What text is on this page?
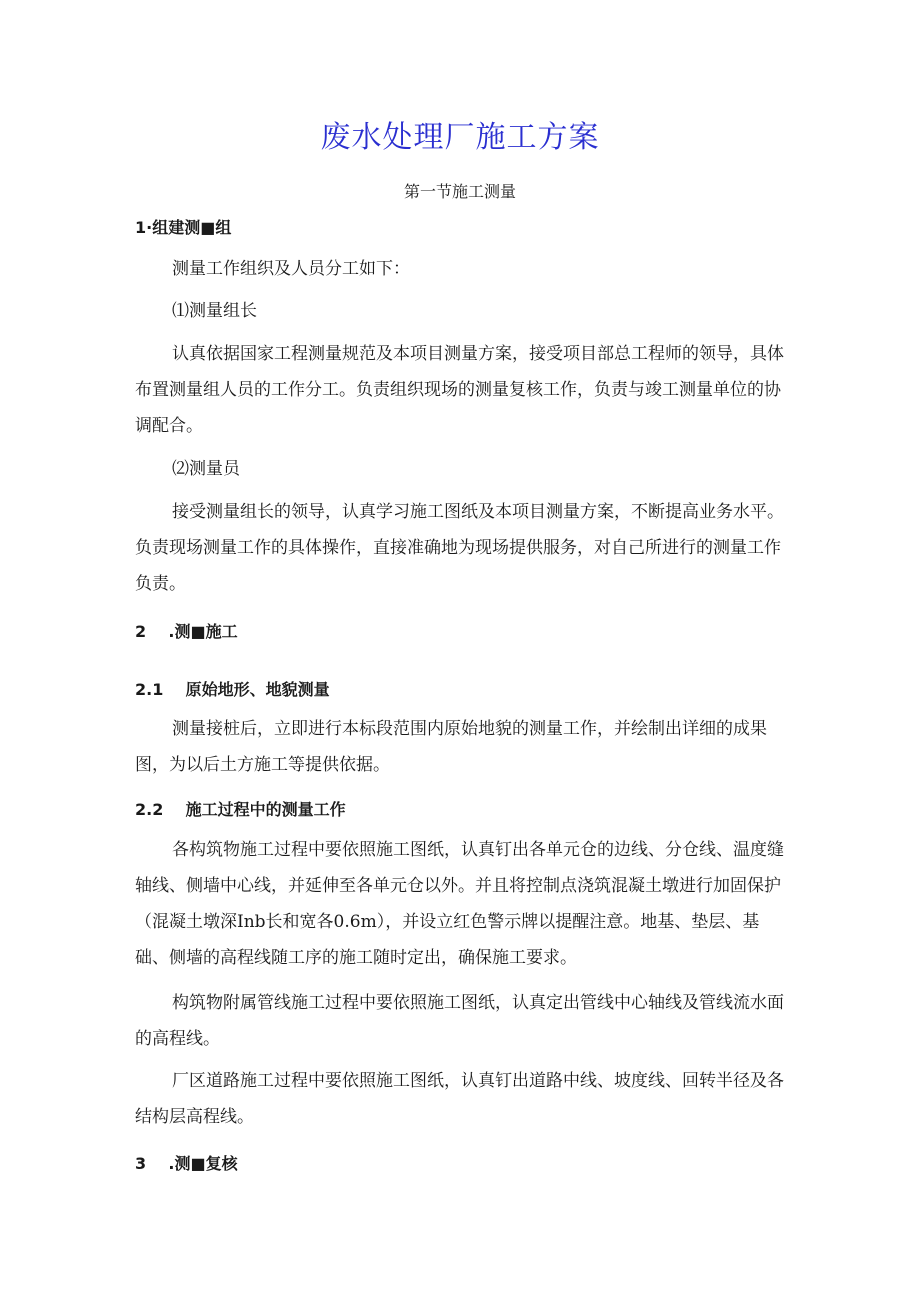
废水处理厂施工方案
第一节施工测量
1·组建测■组

测量工作组织及人员分工如下：

⑴测量组长

认真依据国家工程测量规范及本项目测量方案，接受项目部总工程师的领导，具体布置测量组人员的工作分工。负责组织现场的测量复核工作，负责与竣工测量单位的协调配合。

⑵测量员

接受测量组长的领导，认真学习施工图纸及本项目测量方案，不断提高业务水平。负责现场测量工作的具体操作，直接准确地为现场提供服务，对自己所进行的测量工作负责。

2    .测■施工
2.1    原始地形、地貌测量

测量接桩后，立即进行本标段范围内原始地貌的测量工作，并绘制出详细的成果图，为以后土方施工等提供依据。

2.2    施工过程中的测量工作

各构筑物施工过程中要依照施工图纸，认真钉出各单元仓的边线、分仓线、温度缝轴线、侧墙中心线，并延伸至各单元仓以外。并且将控制点浇筑混凝土墩进行加固保护（混凝土墩深Inb长和宽各0.6m），并设立红色警示牌以提醒注意。地基、垫层、基础、侧墙的高程线随工序的施工随时定出，确保施工要求。

构筑物附属管线施工过程中要依照施工图纸，认真定出管线中心轴线及管线流水面的高程线。

厂区道路施工过程中要依照施工图纸，认真钉出道路中线、坡度线、回转半径及各结构层高程线。

3    .测■复核
